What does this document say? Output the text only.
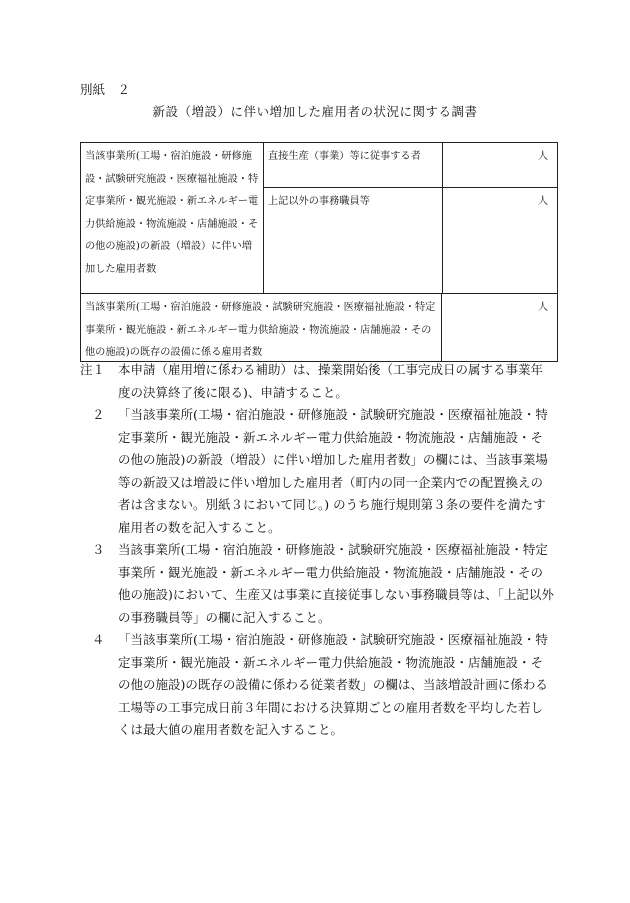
別紙　２
新設（増設）に伴い増加した雇用者の状況に関する調書
当該事業所(工場・宿泊施設・研修施設・試験研究施設・医療福祉施設・特定事業所・観光施設・新エネルギー電力供給施設・物流施設・店舗施設・その他の施設)の新設（増設）に伴い増加した雇用者数	直接生産（事業）等に従事する者 人
上記以外の事務職員等 人	

当該事業所(工場・宿泊施設・研修施設・試験研究施設・医療福祉施設・特定事業所・観光施設・新エネルギー電力供給施設・物流施設・店舗施設・その他の施設)の既存の設備に係る雇用者数		人
注１	本申請（雇用増に係わる補助）は、操業開始後（工事完成日の属する事業年度の決算終了後に限る)、申請すること。
２	「当該事業所(工場・宿泊施設・研修施設・試験研究施設・医療福祉施設・特定事業所・観光施設・新エネルギー電力供給施設・物流施設・店舗施設・その他の施設)の新設（増設）に伴い増加した雇用者数」の欄には、当該事業場等の新設又は増設に伴い増加した雇用者（町内の同一企業内での配置換えの者は含まない。別紙３において同じ。) のうち施行規則第３条の要件を満たす雇用者の数を記入すること。
３	当該事業所(工場・宿泊施設・研修施設・試験研究施設・医療福祉施設・特定事業所・観光施設・新エネルギー電力供給施設・物流施設・店舗施設・その他の施設)において、生産又は事業に直接従事しない事務職員等は、「上記以外の事務職員等」の欄に記入すること。
４	「当該事業所(工場・宿泊施設・研修施設・試験研究施設・医療福祉施設・特定事業所・観光施設・新エネルギー電力供給施設・物流施設・店舗施設・その他の施設)の既存の設備に係わる従業者数」の欄は、当該増設計画に係わる工場等の工事完成日前３年間における決算期ごとの雇用者数を平均した若しくは最大値の雇用者数を記入すること。
